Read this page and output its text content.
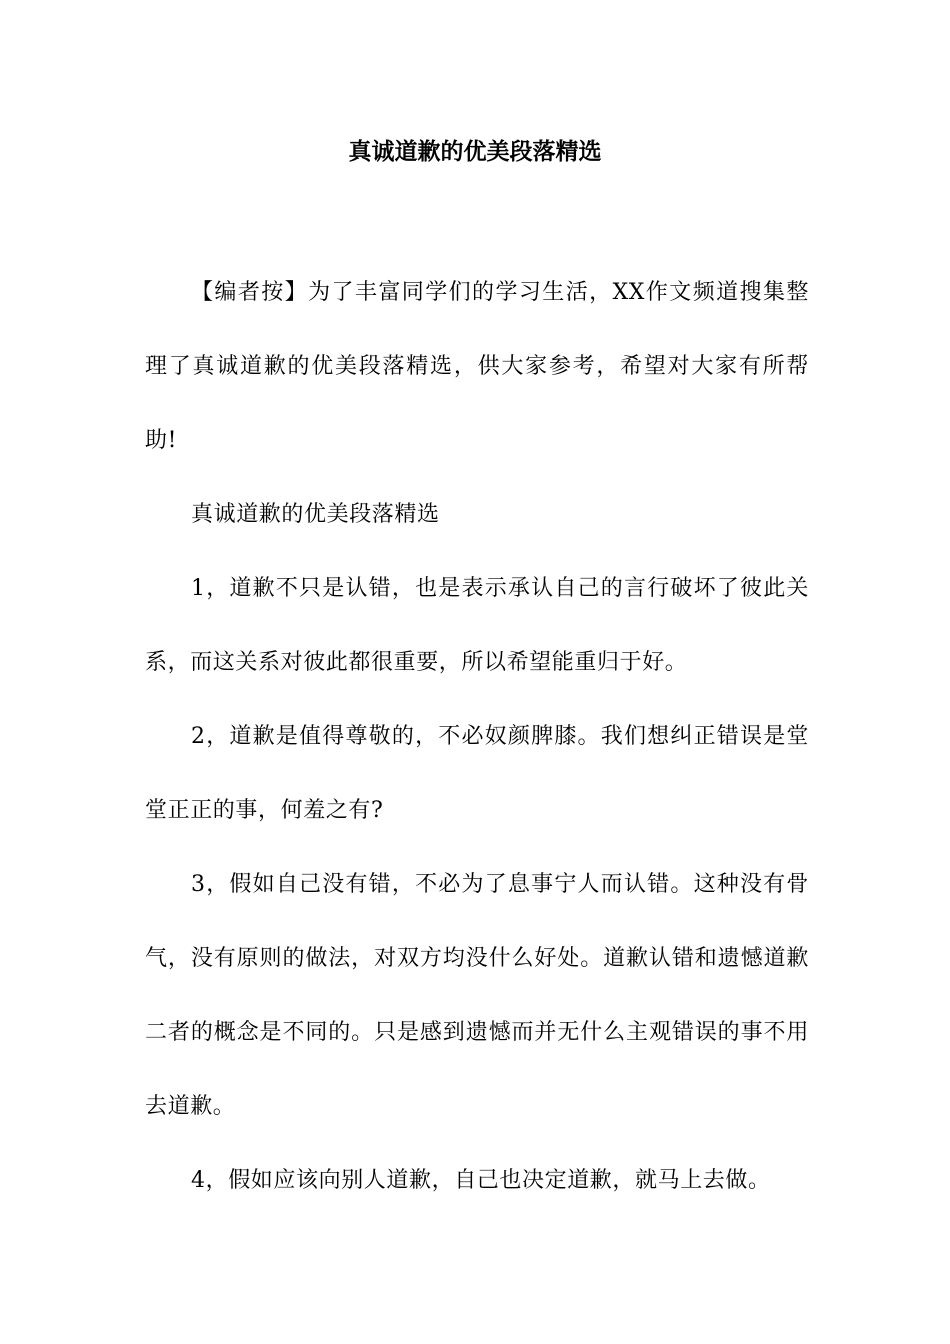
真诚道歉的优美段落精选

【编者按】为了丰富同学们的学习生活，XX作文频道搜集整理了真诚道歉的优美段落精选，供大家参考，希望对大家有所帮助!

真诚道歉的优美段落精选

1，道歉不只是认错，也是表示承认自己的言行破坏了彼此关系，而这关系对彼此都很重要，所以希望能重归于好。

2，道歉是值得尊敬的，不必奴颜脾膝。我们想纠正错误是堂堂正正的事，何羞之有?

3，假如自己没有错，不必为了息事宁人而认错。这种没有骨气，没有原则的做法，对双方均没什么好处。道歉认错和遗憾道歉二者的概念是不同的。只是感到遗憾而并无什么主观错误的事不用去道歉。

4，假如应该向别人道歉，自己也决定道歉，就马上去做。
